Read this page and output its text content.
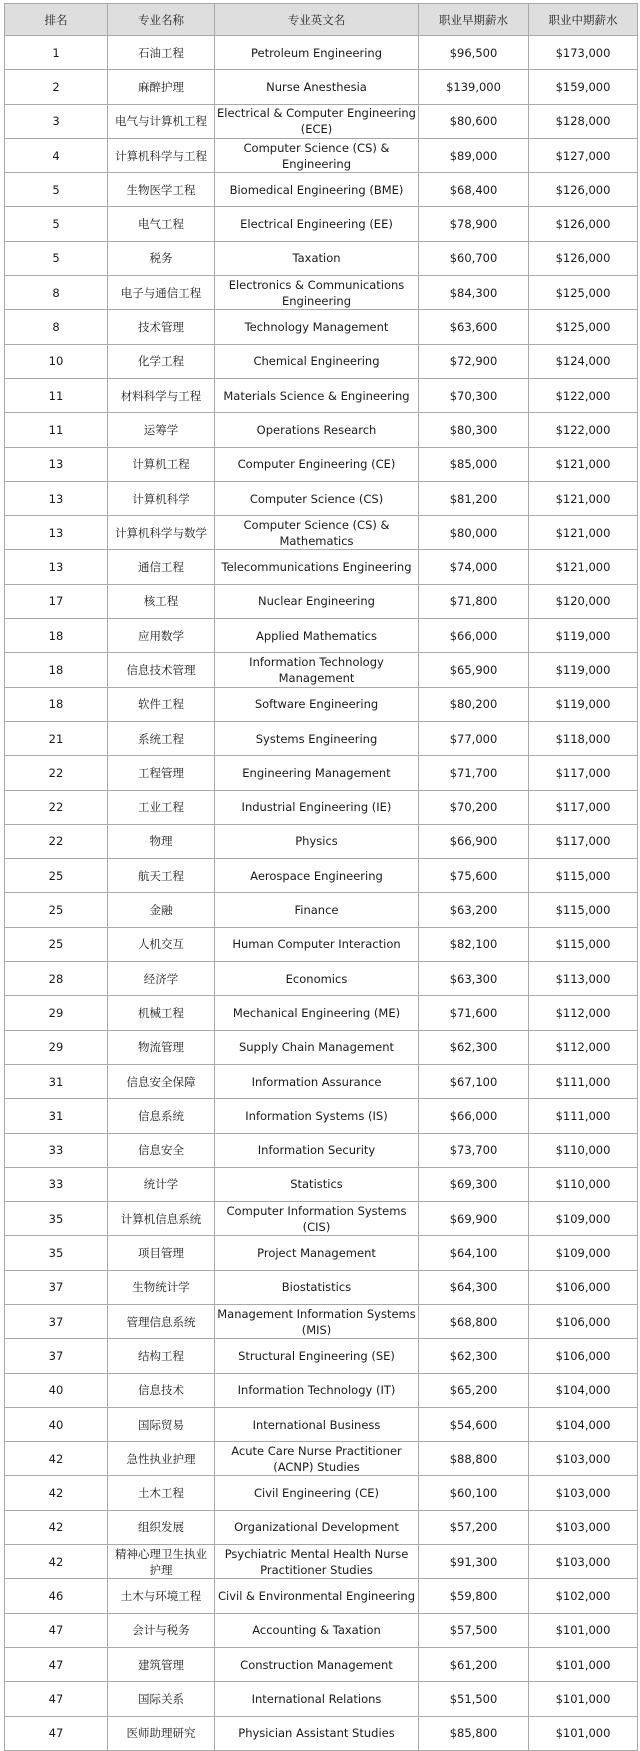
排名	专业名称	专业英文名	职业早期薪水	职业中期薪水
1	石油工程	Petroleum Engineering	$96,500	$173,000
2	麻醉护理	Nurse Anesthesia	$139,000	$159,000
3	电气与计算机工程	Electrical & Computer Engineering (ECE)	$80,600	$128,000
4	计算机科学与工程	Computer Science (CS) & Engineering	$89,000	$127,000
5	生物医学工程	Biomedical Engineering (BME)	$68,400	$126,000
5	电气工程	Electrical Engineering (EE)	$78,900	$126,000
5	税务	Taxation	$60,700	$126,000
8	电子与通信工程	Electronics & Communications Engineering	$84,300	$125,000
8	技术管理	Technology Management	$63,600	$125,000
10	化学工程	Chemical Engineering	$72,900	$124,000
11	材料科学与工程	Materials Science & Engineering	$70,300	$122,000
11	运筹学	Operations Research	$80,300	$122,000
13	计算机工程	Computer Engineering (CE)	$85,000	$121,000
13	计算机科学	Computer Science (CS)	$81,200	$121,000
13	计算机科学与数学	Computer Science (CS) & Mathematics	$80,000	$121,000
13	通信工程	Telecommunications Engineering	$74,000	$121,000
17	核工程	Nuclear Engineering	$71,800	$120,000
18	应用数学	Applied Mathematics	$66,000	$119,000
18	信息技术管理	Information Technology Management	$65,900	$119,000
18	软件工程	Software Engineering	$80,200	$119,000
21	系统工程	Systems Engineering	$77,000	$118,000
22	工程管理	Engineering Management	$71,700	$117,000
22	工业工程	Industrial Engineering (IE)	$70,200	$117,000
22	物理	Physics	$66,900	$117,000
25	航天工程	Aerospace Engineering	$75,600	$115,000
25	金融	Finance	$63,200	$115,000
25	人机交互	Human Computer Interaction	$82,100	$115,000
28	经济学	Economics	$63,300	$113,000
29	机械工程	Mechanical Engineering (ME)	$71,600	$112,000
29	物流管理	Supply Chain Management	$62,300	$112,000
31	信息安全保障	Information Assurance	$67,100	$111,000
31	信息系统	Information Systems (IS)	$66,000	$111,000
33	信息安全	Information Security	$73,700	$110,000
33	统计学	Statistics	$69,300	$110,000
35	计算机信息系统	Computer Information Systems (CIS)	$69,900	$109,000
35	项目管理	Project Management	$64,100	$109,000
37	生物统计学	Biostatistics	$64,300	$106,000
37	管理信息系统	Management Information Systems (MIS)	$68,800	$106,000
37	结构工程	Structural Engineering (SE)	$62,300	$106,000
40	信息技术	Information Technology (IT)	$65,200	$104,000
40	国际贸易	International Business	$54,600	$104,000
42	急性执业护理	Acute Care Nurse Practitioner (ACNP) Studies	$88,800	$103,000
42	土木工程	Civil Engineering (CE)	$60,100	$103,000
42	组织发展	Organizational Development	$57,200	$103,000
42	精神心理卫生执业护理	Psychiatric Mental Health Nurse Practitioner Studies	$91,300	$103,000
46	土木与环境工程	Civil & Environmental Engineering	$59,800	$102,000
47	会计与税务	Accounting & Taxation	$57,500	$101,000
47	建筑管理	Construction Management	$61,200	$101,000
47	国际关系	International Relations	$51,500	$101,000
47	医师助理研究	Physician Assistant Studies	$85,800	$101,000
